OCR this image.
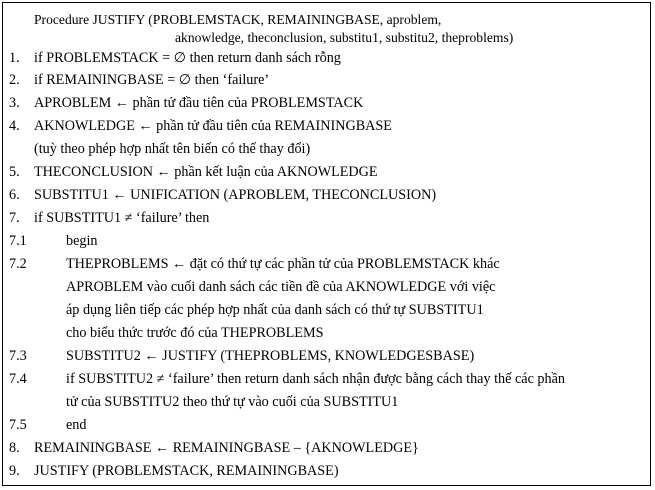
Procedure JUSTIFY (PROBLEMSTACK, REMAININGBASE, aproblem,
aknowledge, theconclusion, substitu1, substitu2, theproblems)
1. if PROBLEMSTACK = ∅ then return danh sách rỗng
2. if REMAININGBASE = ∅ then ‘failure’
3. APROBLEM ← phần tử đầu tiên của PROBLEMSTACK
4. AKNOWLEDGE ← phần tử đầu tiên của REMAININGBASE
(tuỳ theo phép hợp nhất tên biến có thể thay đổi)
5. THECONCLUSION ← phần kết luận của AKNOWLEDGE
6. SUBSTITU1 ← UNIFICATION (APROBLEM, THECONCLUSION)
7. if SUBSTITU1 ≠ ‘failure’ then
7.1	begin
7.2	THEPROBLEMS ← đặt có thứ tự các phần tử của PROBLEMSTACK khác
APROBLEM vào cuối danh sách các tiền đề của AKNOWLEDGE với việc
áp dụng liên tiếp các phép hợp nhất của danh sách có thứ tự SUBSTITU1
cho biểu thức trước đó của THEPROBLEMS
7.3	SUBSTITU2 ← JUSTIFY (THEPROBLEMS, KNOWLEDGESBASE)
7.4	if SUBSTITU2 ≠ ‘failure’ then return danh sách nhận được bằng cách thay thế các phần
tử của SUBSTITU2 theo thứ tự vào cuối của SUBSTITU1
7.5	end
8. REMAININGBASE ← REMAININGBASE – {AKNOWLEDGE}
9. JUSTIFY (PROBLEMSTACK, REMAININGBASE)
